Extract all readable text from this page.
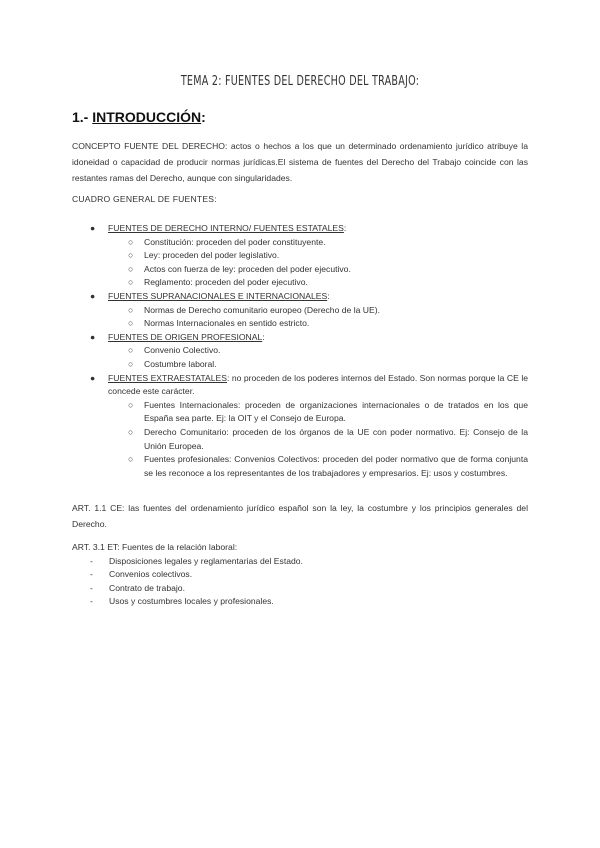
TEMA 2: FUENTES DEL DERECHO DEL TRABAJO:
1.- INTRODUCCIÓN:
CONCEPTO FUENTE DEL DERECHO: actos o hechos a los que un determinado ordenamiento jurídico atribuye la idoneidad o capacidad de producir normas jurídicas.El sistema de fuentes del Derecho del Trabajo coincide con las restantes ramas del Derecho, aunque con singularidades.
CUADRO GENERAL DE FUENTES:
● FUENTES DE DERECHO INTERNO/ FUENTES ESTATALES:
○ Constitución: proceden del poder constituyente.
○ Ley: proceden del poder legislativo.
○ Actos con fuerza de ley: proceden del poder ejecutivo.
○ Reglamento: proceden del poder ejecutivo.
● FUENTES SUPRANACIONALES E INTERNACIONALES:
○ Normas de Derecho comunitario europeo (Derecho de la UE).
○ Normas Internacionales en sentido estricto.
● FUENTES DE ORIGEN PROFESIONAL:
○ Convenio Colectivo.
○ Costumbre laboral.
● FUENTES EXTRAESTATALES: no proceden de los poderes internos del Estado. Son normas porque la CE le concede este carácter.
○ Fuentes Internacionales: proceden de organizaciones internacionales o de tratados en los que España sea parte. Ej: la OIT y el Consejo de Europa.
○ Derecho Comunitario: proceden de los órganos de la UE con poder normativo. Ej: Consejo de la Unión Europea.
○ Fuentes profesionales: Convenios Colectivos: proceden del poder normativo que de forma conjunta se les reconoce a los representantes de los trabajadores y empresarios. Ej: usos y costumbres.
ART. 1.1 CE: las fuentes del ordenamiento jurídico español son la ley, la costumbre y los principios generales del Derecho.
ART. 3.1 ET: Fuentes de la relación laboral:
- Disposiciones legales y reglamentarias del Estado.
- Convenios colectivos.
- Contrato de trabajo.
- Usos y costumbres locales y profesionales.
